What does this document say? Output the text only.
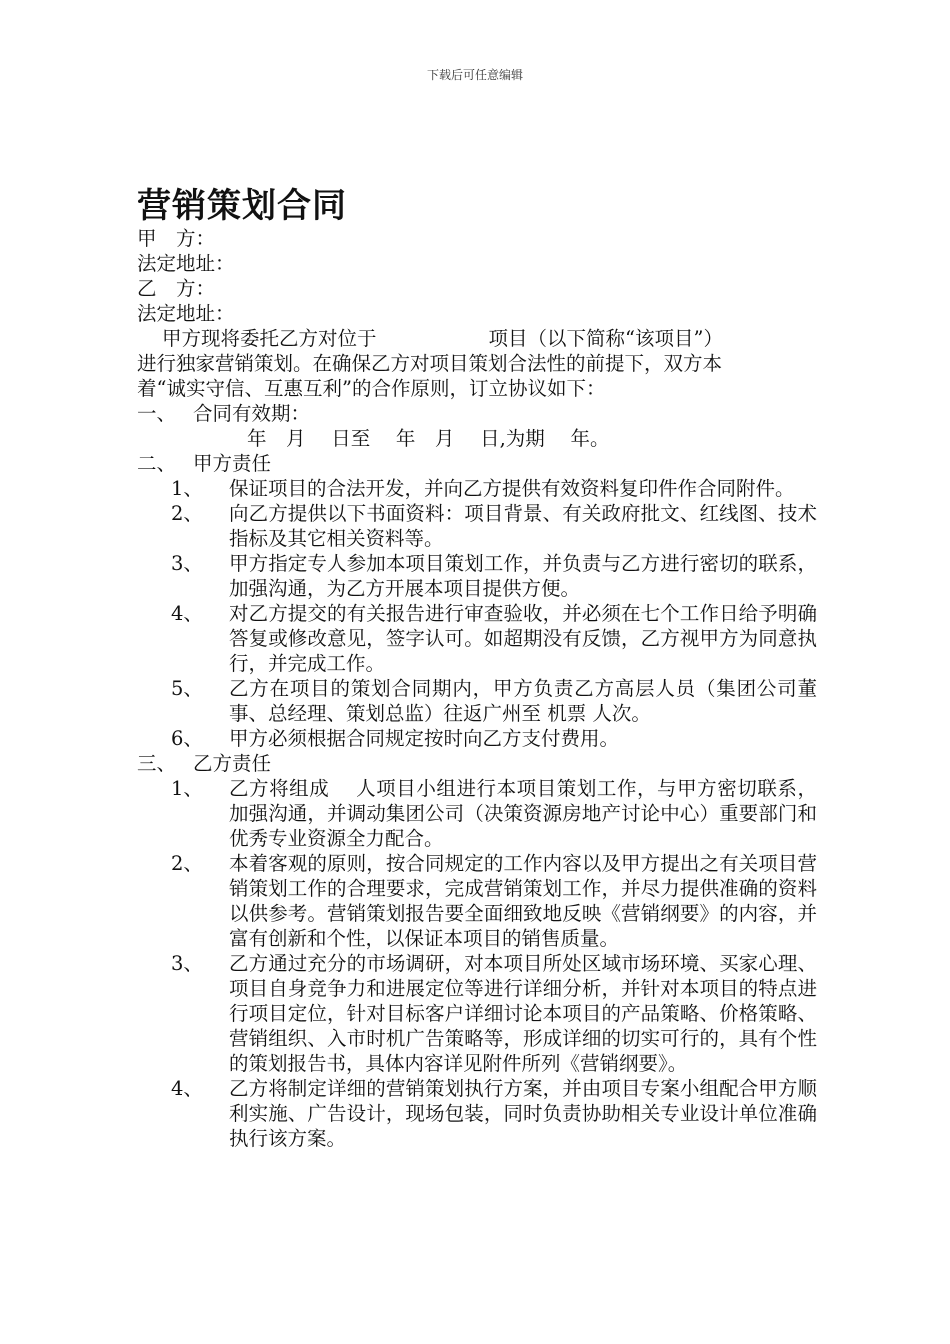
下载后可任意编辑
营销策划合同
甲　方：
法定地址：
乙　方：
法定地址：
甲方现将委托乙方对位于	项目（以下简称“该项目”）
进行独家营销策划。在确保乙方对项目策划合法性的前提下，双方本
着“诚实守信、互惠互利”的合作原则，订立协议如下：
一、 合同有效期：
年　月　 日至　 年　月　 日,为期　 年。
二、 甲方责任
1、	保证项目的合法开发，并向乙方提供有效资料复印件作合同附件。
2、	向乙方提供以下书面资料：项目背景、有关政府批文、红线图、技术指标及其它相关资料等。
3、	甲方指定专人参加本项目策划工作，并负责与乙方进行密切的联系，加强沟通，为乙方开展本项目提供方便。
4、	对乙方提交的有关报告进行审查验收，并必须在七个工作日给予明确答复或修改意见，签字认可。如超期没有反馈，乙方视甲方为同意执行，并完成工作。
5、	乙方在项目的策划合同期内，甲方负责乙方高层人员（集团公司董事、总经理、策划总监）往返广州至 机票 人次。
6、	甲方必须根据合同规定按时向乙方支付费用。
三、 乙方责任
1、	乙方将组成　 人项目小组进行本项目策划工作，与甲方密切联系，加强沟通，并调动集团公司（决策资源房地产讨论中心）重要部门和优秀专业资源全力配合。
2、	本着客观的原则，按合同规定的工作内容以及甲方提出之有关项目营销策划工作的合理要求，完成营销策划工作，并尽力提供准确的资料以供参考。营销策划报告要全面细致地反映《营销纲要》的内容，并富有创新和个性，以保证本项目的销售质量。
3、	乙方通过充分的市场调研，对本项目所处区域市场环境、买家心理、项目自身竞争力和进展定位等进行详细分析，并针对本项目的特点进行项目定位，针对目标客户详细讨论本项目的产品策略、价格策略、营销组织、入市时机广告策略等，形成详细的切实可行的，具有个性的策划报告书，具体内容详见附件所列《营销纲要》。
4、	乙方将制定详细的营销策划执行方案，并由项目专案小组配合甲方顺利实施、广告设计，现场包装，同时负责协助相关专业设计单位准确执行该方案。
